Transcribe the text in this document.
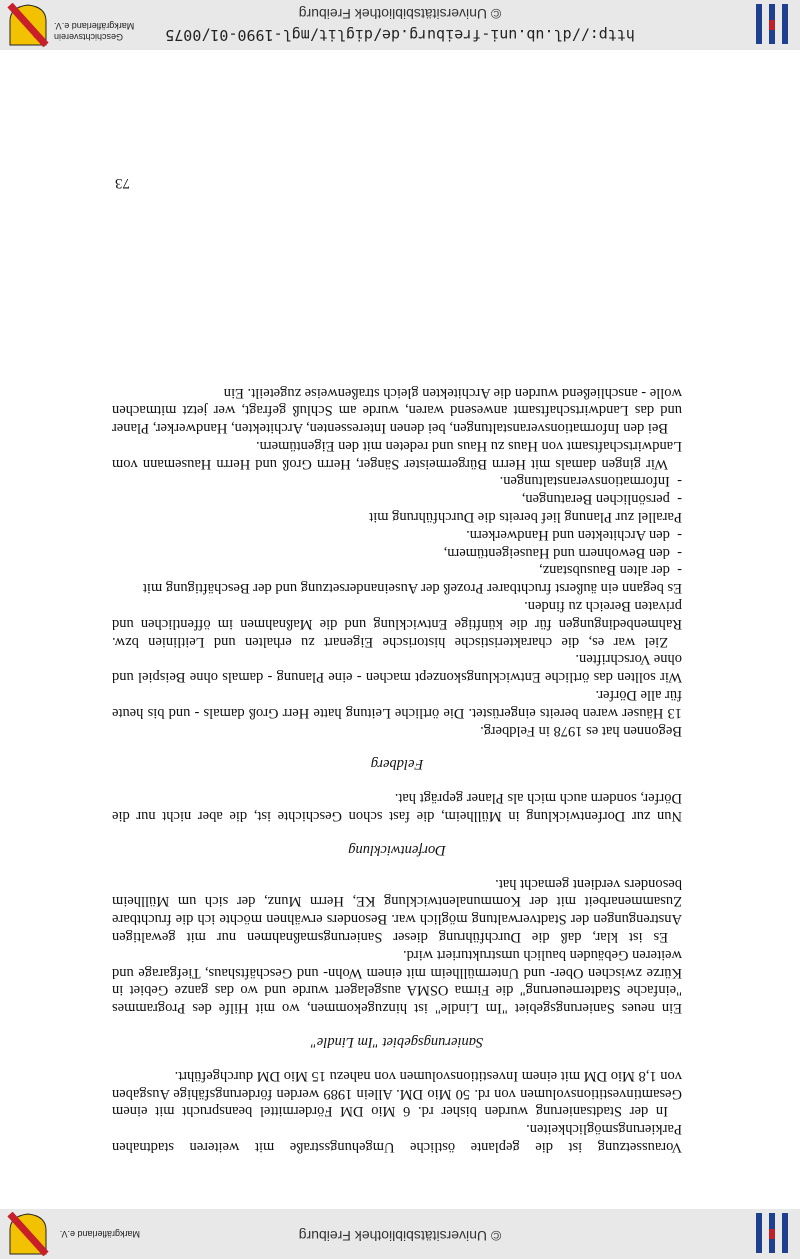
© Universitätsbibliothek Freiburg
Markgräflerland e.V.

Voraussetzung ist die geplante östliche Umgehungsstraße mit weiteren stadtnahen Parkierungsmöglichkeiten.

In der Stadtsanierung wurden bisher rd. 6 Mio DM Fördermittel beansprucht mit einem Gesamtinvestitionsvolumen von rd. 50 Mio DM. Allein 1989 werden förderungsfähige Ausgaben von 1,8 Mio DM mit einem Investitionsvolumen von nahezu 15 Mio DM durchgeführt.

Sanierungsgebiet "Im Lindle"

Ein neues Sanierungsgebiet "Im Lindle" ist hinzugekommen, wo mit Hilfe des Programmes "einfache Stadterneuerung" die Firma OSMA ausgelagert wurde und wo das ganze Gebiet in Kürze zwischen Ober- und Untermüllheim mit einem Wohn- und Geschäftshaus, Tiefgarage und weiteren Gebäuden baulich umstrukturiert wird.

Es ist klar, daß die Durchführung dieser Sanierungsmaßnahmen nur mit gewaltigen Anstrengungen der Stadtverwaltung möglich war. Besonders erwähnen möchte ich die fruchtbare Zusammenarbeit mit der Kommunalentwicklung KE, Herrn Munz, der sich um Müllheim besonders verdient gemacht hat.

Dorfentwicklung

Nun zur Dorfentwicklung in Müllheim, die fast schon Geschichte ist, die aber nicht nur die Dörfer, sondern auch mich als Planer geprägt hat.

Feldberg

Begonnen hat es 1978 in Feldberg.

13 Häuser waren bereits eingerüstet. Die örtliche Leitung hatte Herr Groß damals - und bis heute für alle Dörfer.

Wir sollten das örtliche Entwicklungskonzept machen - eine Planung - damals ohne Beispiel und ohne Vorschriften.

Ziel war es, die charakteristische historische Eigenart zu erhalten und Leitlinien bzw. Rahmenbedingungen für die künftige Entwicklung und die Maßnahmen im öffentlichen und privaten Bereich zu finden.

Es begann ein äußerst fruchtbarer Prozeß der Auseinandersetzung und der Beschäftigung mit

-  der alten Bausubstanz,
-  den Bewohnern und Hauseigentümern,
-  den Architekten und Handwerkern.

Parallel zur Planung lief bereits die Durchführung mit

-  persönlichen Beratungen,
-  Informationsveranstaltungen.

Wir gingen damals mit Herrn Bürgermeister Sänger, Herrn Groß und Herrn Hausemann vom Landwirtschaftsamt von Haus zu Haus und redeten mit den Eigentümern.

Bei den Informationsveranstaltungen, bei denen Interessenten, Architekten, Handwerker, Planer und das Landwirtschaftsamt anwesend waren, wurde am Schluß gefragt, wer jetzt mitmachen wolle - anschließend wurden die Architekten gleich straßenweise zugeteilt. Ein

73
Geschichtsverein
Markgräflerland e.V.	http://dl.ub.uni-freiburg.de/diglit/mgl-1990-01/0075
© Universitätsbibliothek Freiburg
